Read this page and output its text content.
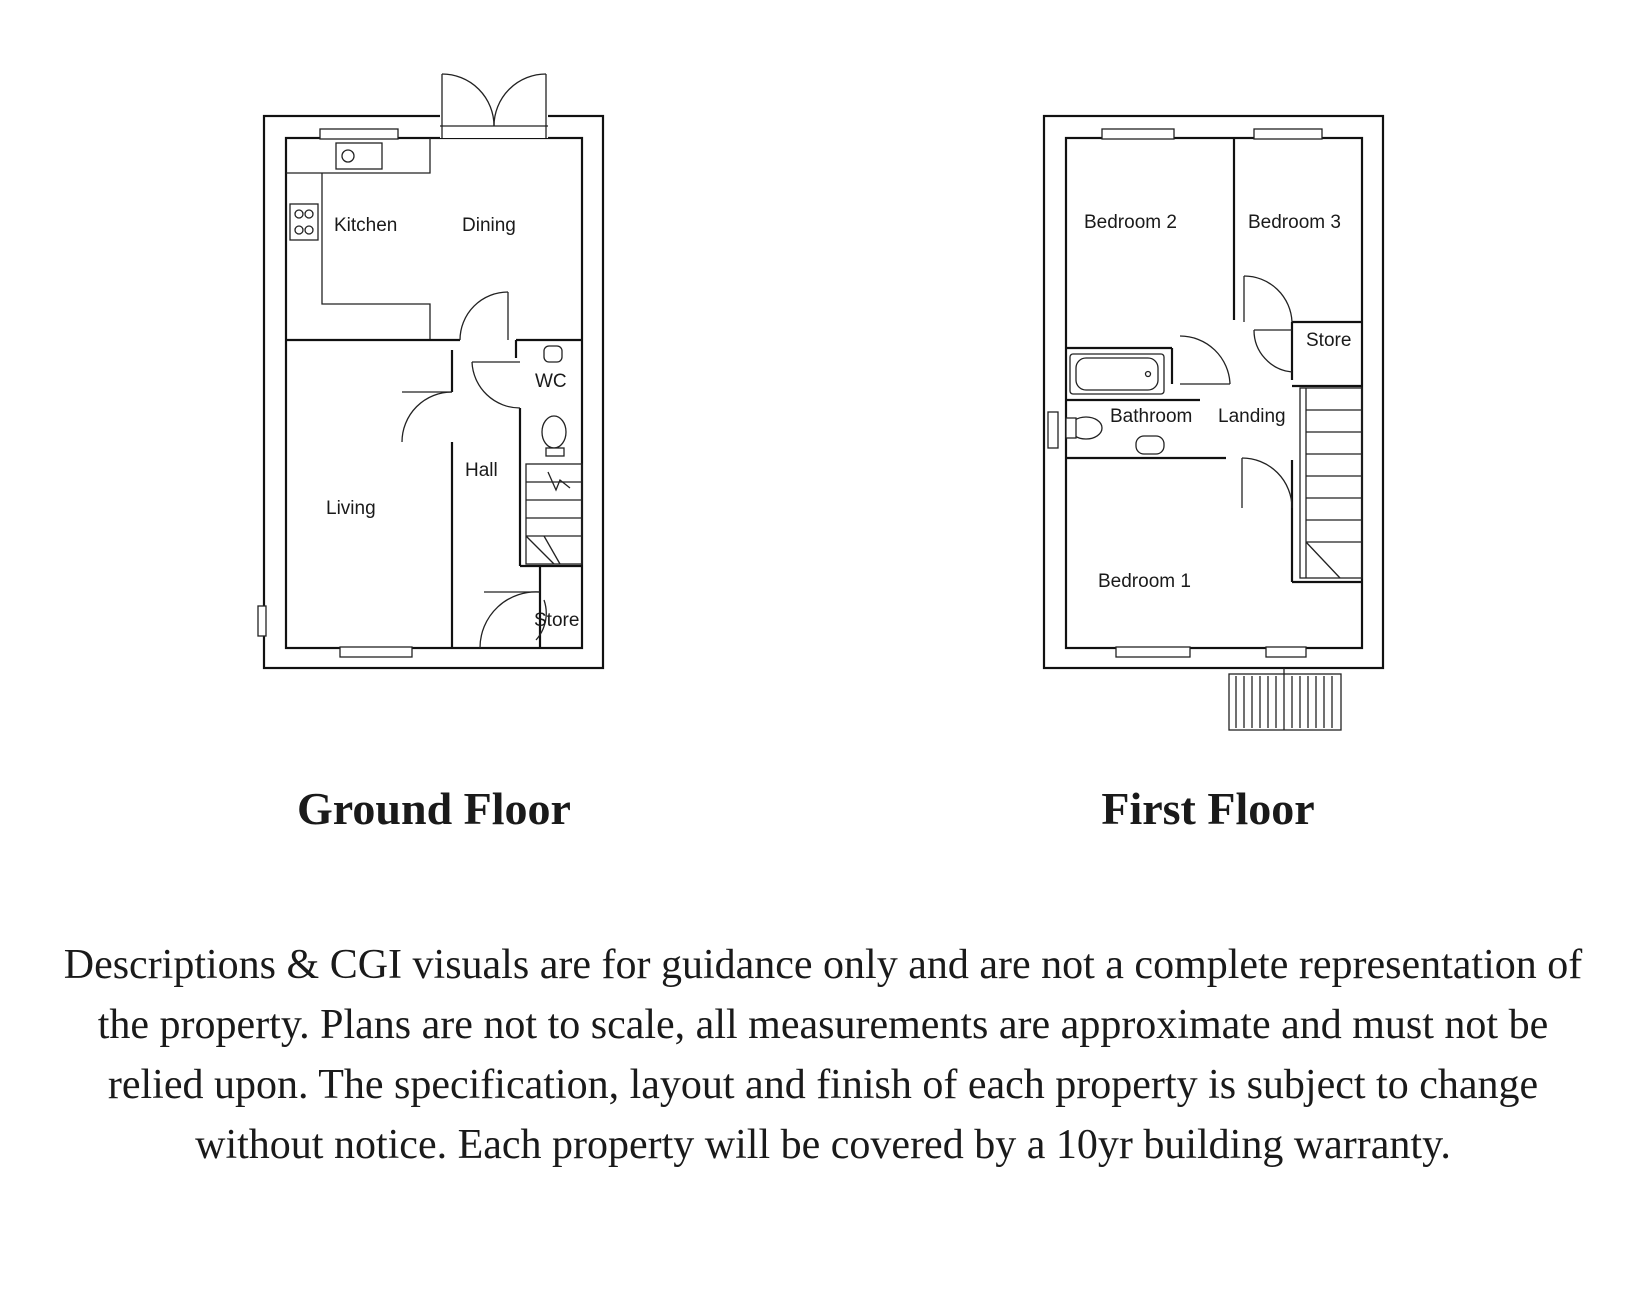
Kitchen	Dining
WC
Hall
Living
Store
Bedroom 2	Bedroom 3
Store
Bathroom Landing
Bedroom 1
Ground Floor	First Floor

Descriptions & CGI visuals are for guidance only and are not a complete representation of the property. Plans are not to scale, all measurements are approximate and must not be relied upon. The specification, layout and finish of each property is subject to change without notice. Each property will be covered by a 10yr building warranty.
